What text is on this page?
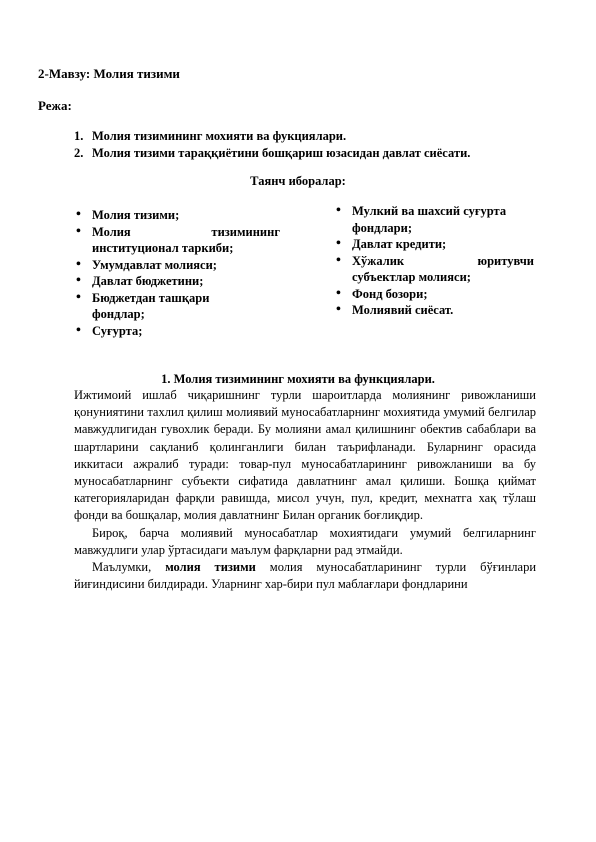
2-Мавзу: Молия тизими
Режа:
1. Молия тизимининг мохияти ва фукциялари.
2. Молия тизими тараққиётини бошқариш юзасидан давлат сиёсати.
Таянч иборалар:
• Молия тизими;
• Молия тизимининг
институционал таркиби;
• Умумдавлат молияси;
• Давлат бюджетини;
• Бюджетдан ташқари
фондлар;
• Суғурта;
• Мулкий ва шахсий суғурта
фондлари;
• Давлат кредити;
• Хўжалик юритувчи
субъектлар молияси;
• Фонд бозори;
• Молиявий сиёсат.
1. Молия тизимининг мохияти ва функциялари.

Ижтимоий ишлаб чиқаришнинг турли шароитларда молиянинг ривожланиши қонуниятини тахлил қилиш молиявий муносабатларнинг мохиятида умумий белгилар мавжудлигидан гувохлик беради. Бу молияни амал қилишнинг обектив сабаблари ва шартларини сақланиб қолинганлиги билан таърифланади. Буларнинг орасида иккитаси ажралиб туради: товар-пул муносабатларининг ривожланиши ва бу муносабатларнинг субъекти сифатида давлатнинг амал қилиши. Бошқа қиймат категорияларидан фарқли равишда, мисол учун, пул, кредит, мехнатга хақ тўлаш фонди ва бошқалар, молия давлатнинг Билан органик боғлиқдир.

Бироқ, барча молиявий муносабатлар мохиятидаги умумий белгиларнинг мавжудлиги улар ўртасидаги маълум фарқларни рад этмайди.

Маълумки, молия тизими молия муносабатларининг турли бўғинлари йиғиндисини билдиради. Уларнинг хар-бири пул маблағлари фондларини
